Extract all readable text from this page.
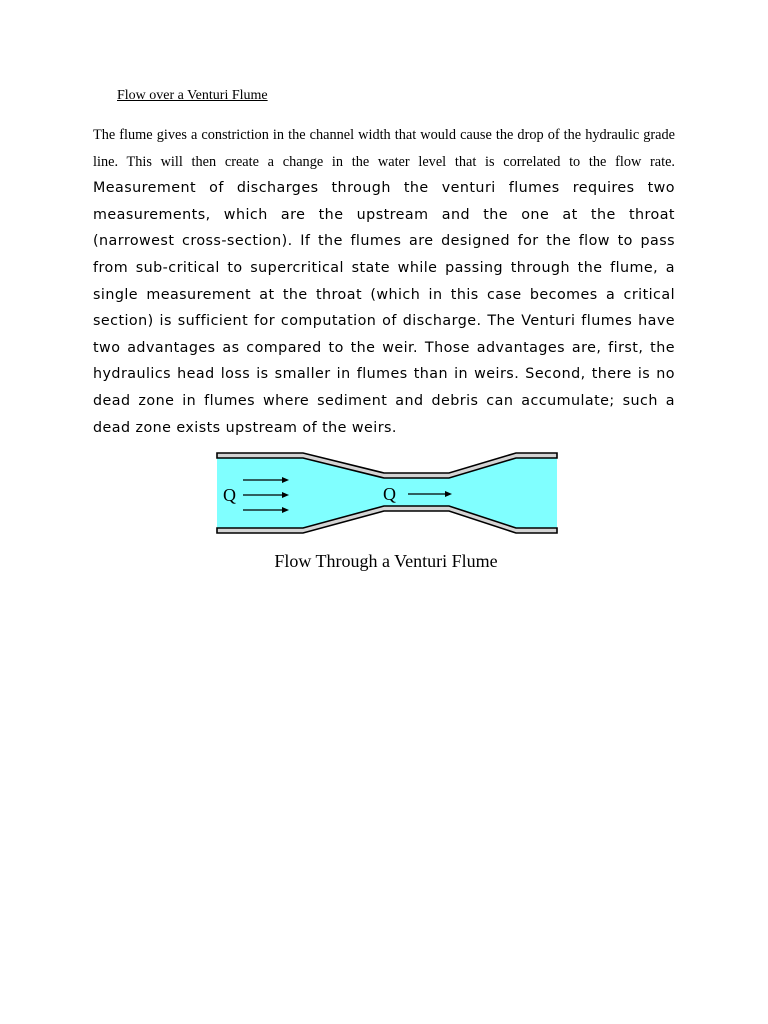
Flow over a Venturi Flume

The flume gives a constriction in the channel width that would cause the drop of the hydraulic grade line. This will then create a change in the water level that is correlated to the flow rate. Measurement of discharges through the venturi flumes requires two measurements, which are the upstream and the one at the throat (narrowest cross-section). If the flumes are designed for the flow to pass from sub-critical to supercritical state while passing through the flume, a single measurement at the throat (which in this case becomes a critical section) is sufficient for computation of discharge. The Venturi flumes have two advantages as compared to the weir. Those advantages are, first, the hydraulics head loss is smaller in flumes than in weirs. Second, there is no dead zone in flumes where sediment and debris can accumulate; such a dead zone exists upstream of the weirs.

Q	Q
Flow Through a Venturi Flume
